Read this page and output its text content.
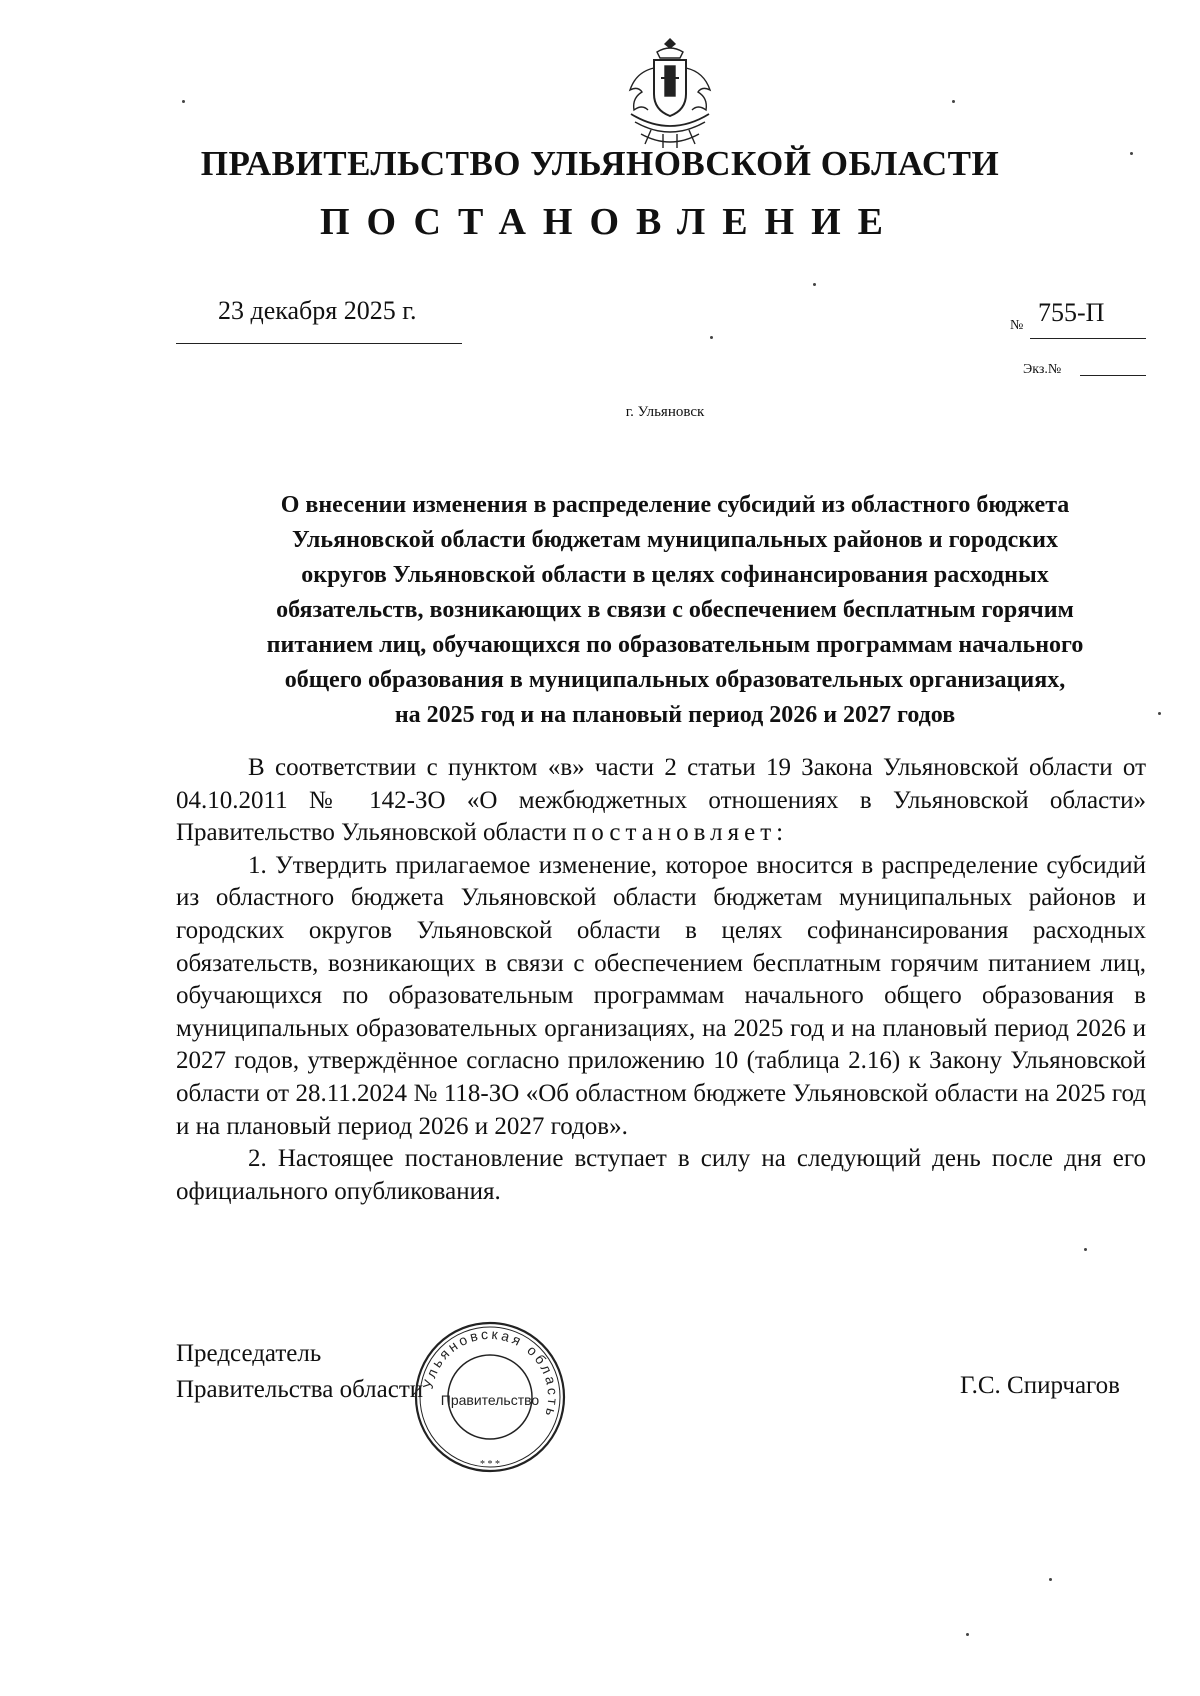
ПРАВИТЕЛЬСТВО УЛЬЯНОВСКОЙ ОБЛАСТИ
ПОСТАНОВЛЕНИЕ
23 декабря 2025 г.
№ 755-П
Экз.№
г. Ульяновск
О внесении изменения в распределение субсидий из областного бюджета
Ульяновской области бюджетам муниципальных районов и городских
округов Ульяновской области в целях софинансирования расходных
обязательств, возникающих в связи с обеспечением бесплатным горячим
питанием лиц, обучающихся по образовательным программам начального
общего образования в муниципальных образовательных организациях,
на 2025 год и на плановый период 2026 и 2027 годов

В соответствии с пунктом «в» части 2 статьи 19 Закона Ульяновской области от 04.10.2011 № 142-ЗО «О межбюджетных отношениях в Ульяновской области» Правительство Ульяновской области постановляет:

1. Утвердить прилагаемое изменение, которое вносится в распределение субсидий из областного бюджета Ульяновской области бюджетам муниципальных районов и городских округов Ульяновской области в целях софинансирования расходных обязательств, возникающих в связи с обеспечением бесплатным горячим питанием лиц, обучающихся по образовательным программам начального общего образования в муниципальных образовательных организациях, на 2025 год и на плановый период 2026 и 2027 годов, утверждённое согласно приложению 10 (таблица 2.16) к Закону Ульяновской области от 28.11.2024 № 118-ЗО «Об областном бюджете Ульяновской области на 2025 год и на плановый период 2026 и 2027 годов».

2. Настоящее постановление вступает в силу на следующий день после дня его официального опубликования.

Председатель
Правительства области	Г.С. Спирчагов
Ульяновская область
Правительство
* * *
